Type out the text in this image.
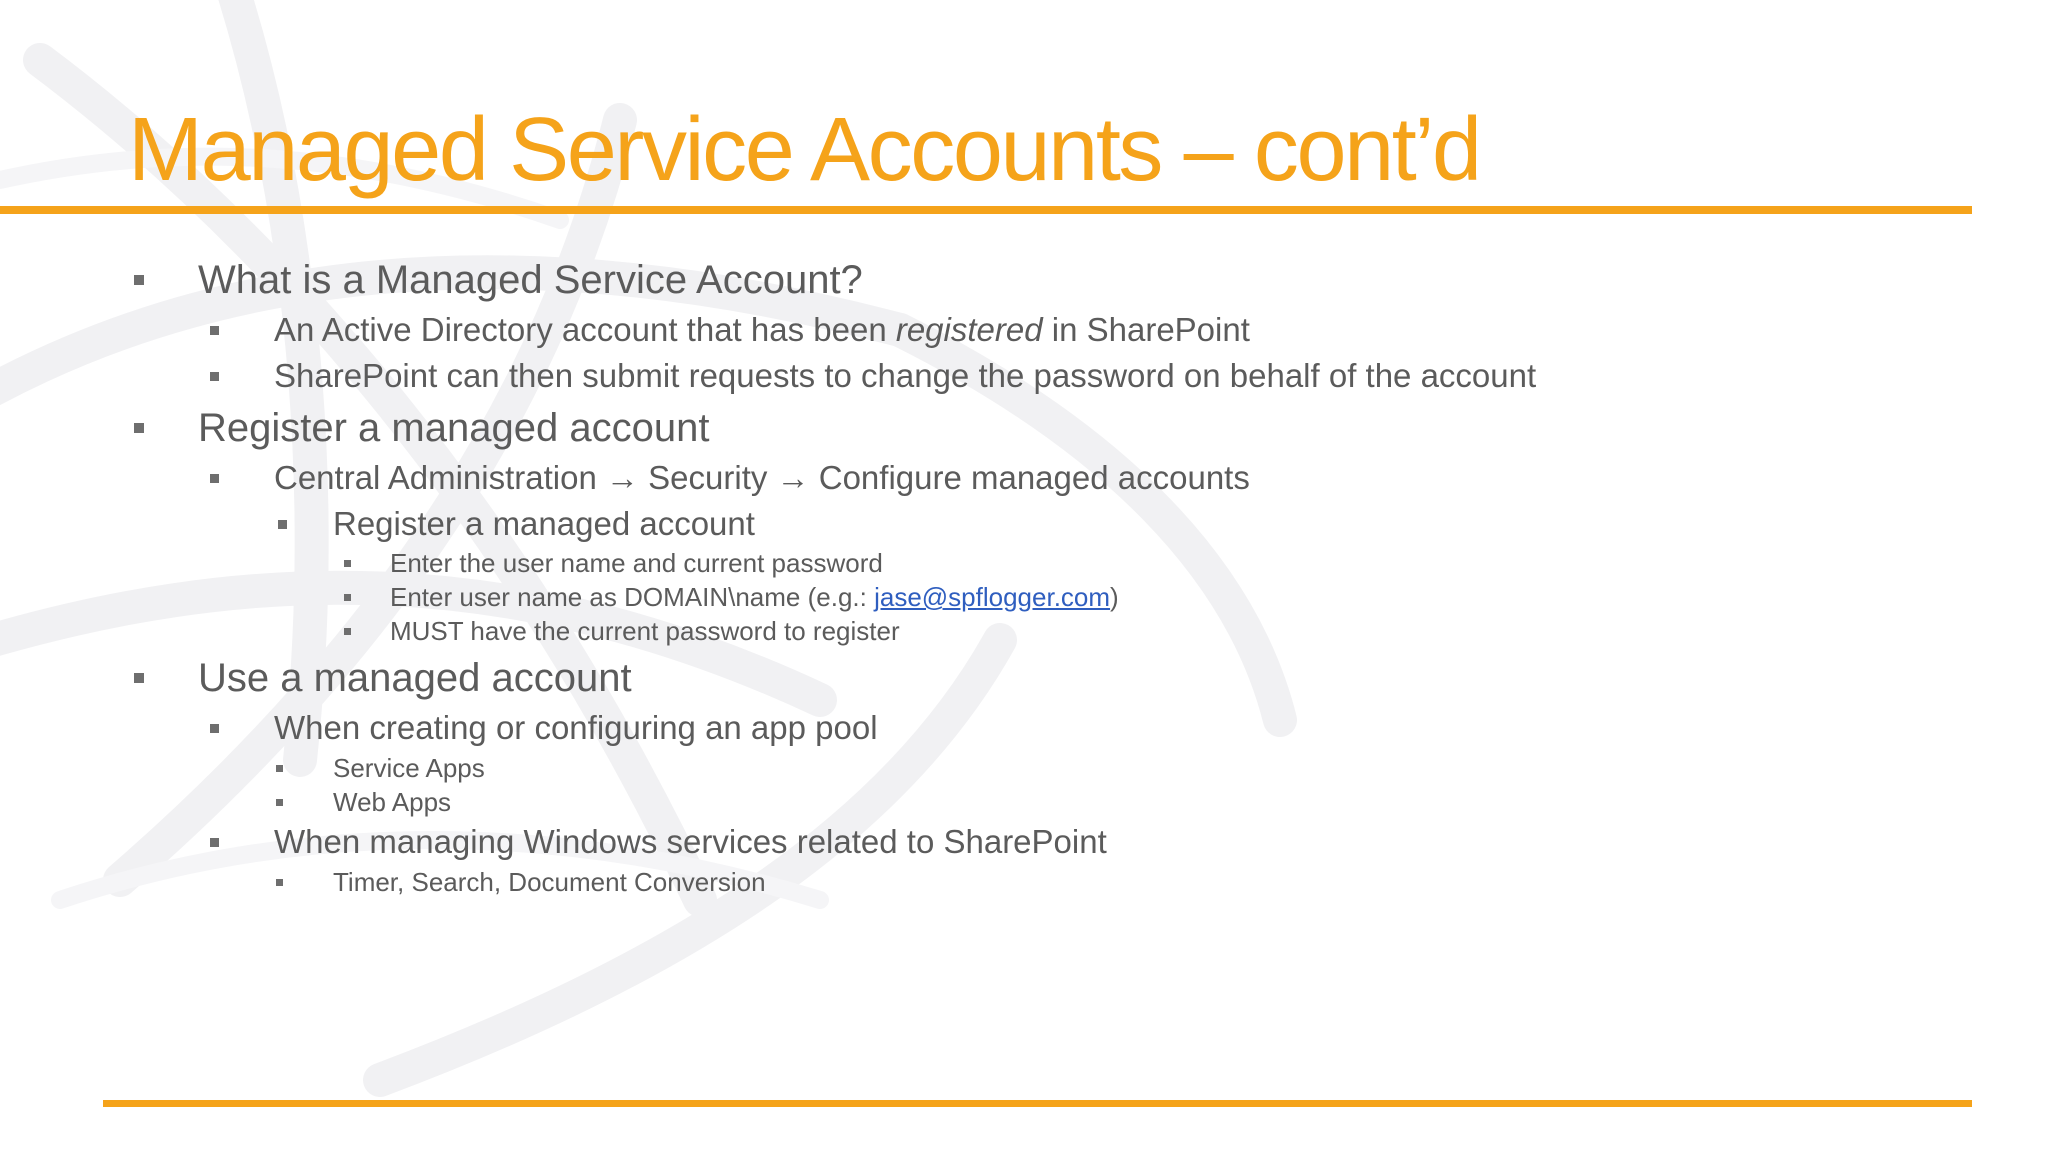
Managed Service Accounts – cont’d
What is a Managed Service Account?
An Active Directory account that has been registered in SharePoint
SharePoint can then submit requests to change the password on behalf of the account
Register a managed account
Central Administration → Security → Configure managed accounts
Register a managed account
Enter the user name and current password
Enter user name as DOMAIN\name (e.g.: jase@spflogger.com)
MUST have the current password to register
Use a managed account
When creating or configuring an app pool
Service Apps
Web Apps
When managing Windows services related to SharePoint
Timer, Search, Document Conversion
